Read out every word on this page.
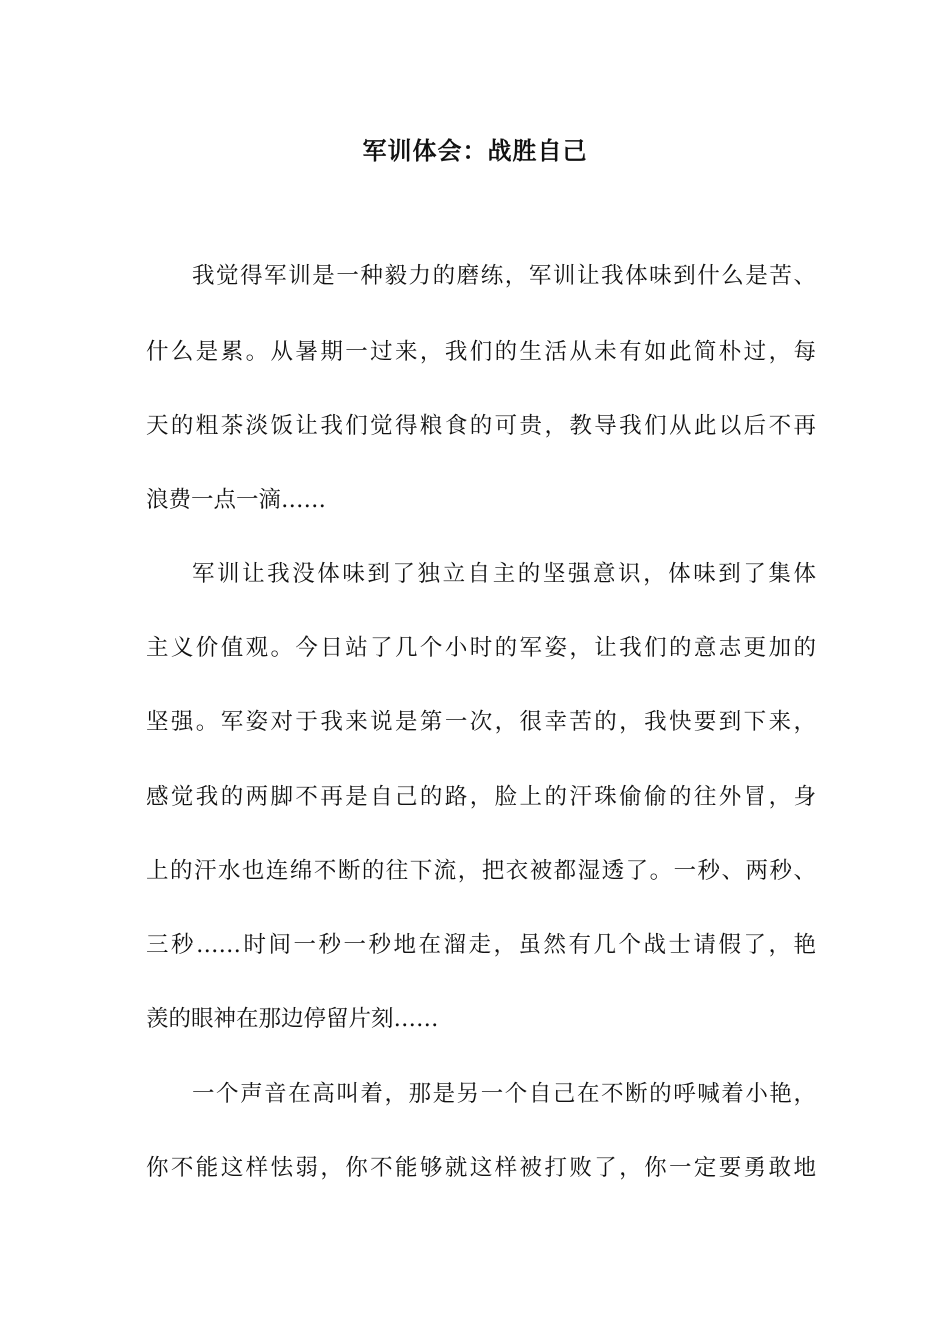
军训体会：战胜自己
我觉得军训是一种毅力的磨练，军训让我体味到什么是苦、
什么是累。从暑期一过来，我们的生活从未有如此简朴过，每
天的粗茶淡饭让我们觉得粮食的可贵，教导我们从此以后不再
浪费一点一滴……
军训让我没体味到了独立自主的坚强意识，体味到了集体
主义价值观。今日站了几个小时的军姿，让我们的意志更加的
坚强。军姿对于我来说是第一次，很幸苦的，我快要到下来，
感觉我的两脚不再是自己的路，脸上的汗珠偷偷的往外冒，身
上的汗水也连绵不断的往下流，把衣被都湿透了。一秒、两秒、
三秒……时间一秒一秒地在溜走，虽然有几个战士请假了，艳
羡的眼神在那边停留片刻……
一个声音在高叫着，那是另一个自己在不断的呼喊着小艳，
你不能这样怯弱，你不能够就这样被打败了，你一定要勇敢地
